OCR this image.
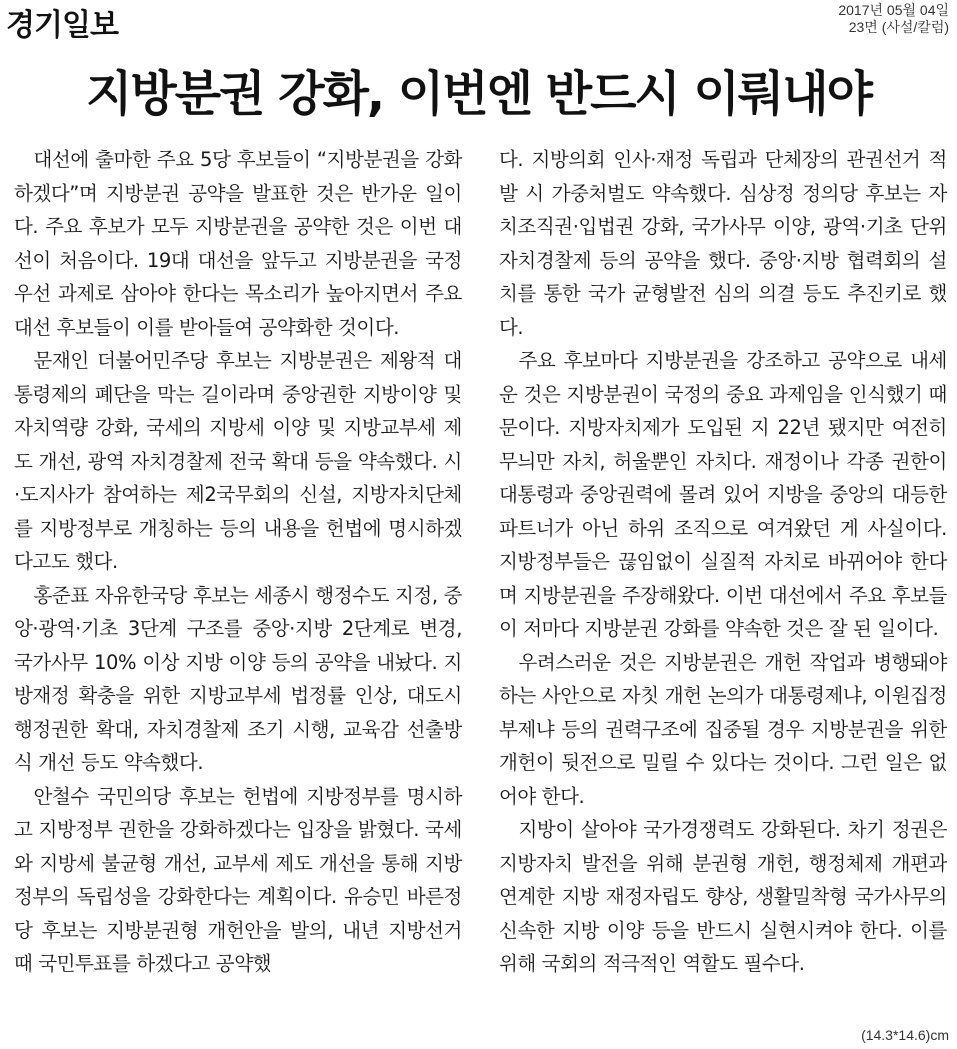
경기일보	2017년 05월 04일
23면 (사설/칼럼)
지방분권 강화, 이번엔 반드시 이뤄내야

대선에 출마한 주요 5당 후보들이 “지방분권을 강화하겠다”며 지방분권 공약을 발표한 것은 반가운 일이다. 주요 후보가 모두 지방분권을 공약한 것은 이번 대선이 처음이다. 19대 대선을 앞두고 지방분권을 국정 우선 과제로 삼아야 한다는 목소리가 높아지면서 주요 대선 후보들이 이를 받아들여 공약화한 것이다.

문재인 더불어민주당 후보는 지방분권은 제왕적 대통령제의 폐단을 막는 길이라며 중앙권한 지방이양 및 자치역량 강화, 국세의 지방세 이양 및 지방교부세 제도 개선, 광역 자치경찰제 전국 확대 등을 약속했다. 시·도지사가 참여하는 제2국무회의 신설, 지방자치단체를 지방정부로 개칭하는 등의 내용을 헌법에 명시하겠다고도 했다.

홍준표 자유한국당 후보는 세종시 행정수도 지정, 중앙·광역·기초 3단계 구조를 중앙·지방 2단계로 변경, 국가사무 10% 이상 지방 이양 등의 공약을 내놨다. 지방재정 확충을 위한 지방교부세 법정률 인상, 대도시 행정권한 확대, 자치경찰제 조기 시행, 교육감 선출방식 개선 등도 약속했다.

안철수 국민의당 후보는 헌법에 지방정부를 명시하고 지방정부 권한을 강화하겠다는 입장을 밝혔다. 국세와 지방세 불균형 개선, 교부세 제도 개선을 통해 지방정부의 독립성을 강화한다는 계획이다. 유승민 바른정당 후보는 지방분권형 개헌안을 발의, 내년 지방선거 때 국민투표를 하겠다고 공약했

다. 지방의회 인사·재정 독립과 단체장의 관권선거 적발 시 가중처벌도 약속했다. 심상정 정의당 후보는 자치조직권·입법권 강화, 국가사무 이양, 광역·기초 단위 자치경찰제 등의 공약을 했다. 중앙·지방 협력회의 설치를 통한 국가 균형발전 심의 의결 등도 추진키로 했다.

주요 후보마다 지방분권을 강조하고 공약으로 내세운 것은 지방분권이 국정의 중요 과제임을 인식했기 때문이다. 지방자치제가 도입된 지 22년 됐지만 여전히 무늬만 자치, 허울뿐인 자치다. 재정이나 각종 권한이 대통령과 중앙권력에 몰려 있어 지방을 중앙의 대등한 파트너가 아닌 하위 조직으로 여겨왔던 게 사실이다. 지방정부들은 끊임없이 실질적 자치로 바뀌어야 한다며 지방분권을 주장해왔다. 이번 대선에서 주요 후보들이 저마다 지방분권 강화를 약속한 것은 잘 된 일이다.

우려스러운 것은 지방분권은 개헌 작업과 병행돼야 하는 사안으로 자칫 개헌 논의가 대통령제냐, 이원집정부제냐 등의 권력구조에 집중될 경우 지방분권을 위한 개헌이 뒷전으로 밀릴 수 있다는 것이다. 그런 일은 없어야 한다.

지방이 살아야 국가경쟁력도 강화된다. 차기 정권은 지방자치 발전을 위해 분권형 개헌, 행정체제 개편과 연계한 지방 재정자립도 향상, 생활밀착형 국가사무의 신속한 지방 이양 등을 반드시 실현시켜야 한다. 이를 위해 국회의 적극적인 역할도 필수다.

(14.3*14.6)cm
